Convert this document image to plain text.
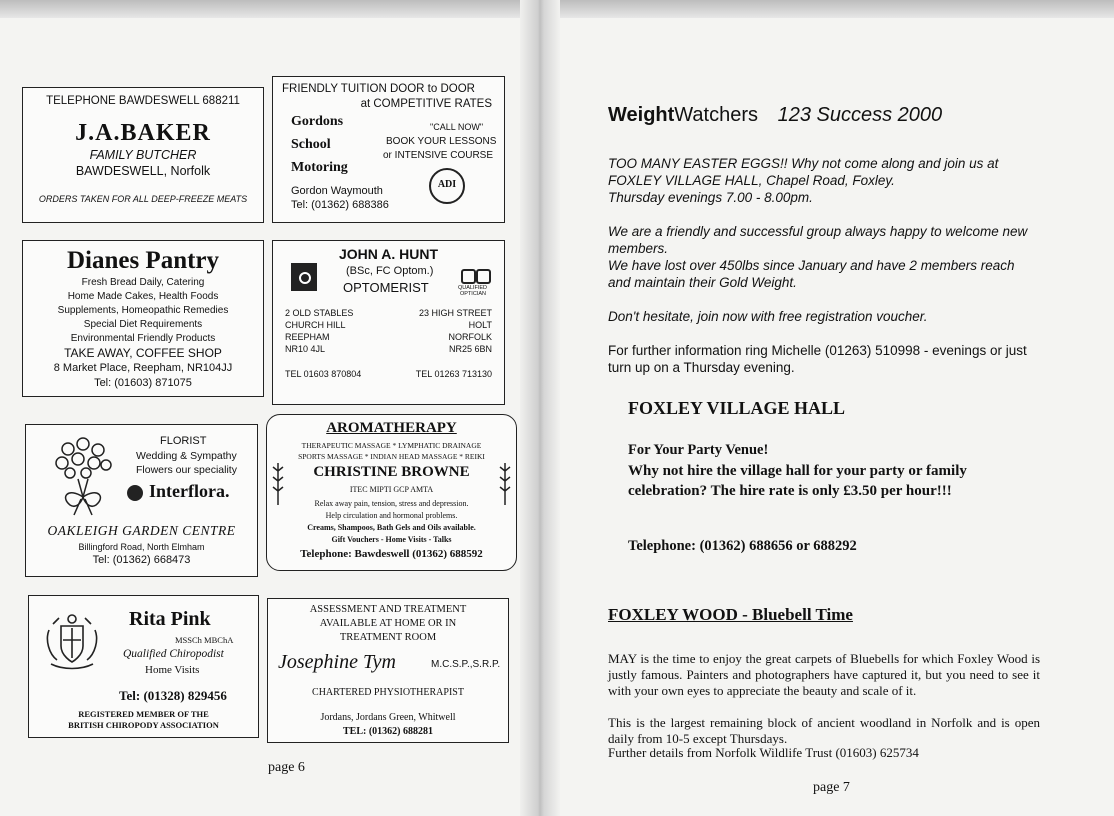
TELEPHONE BAWDESWELL 688211
J.A.BAKER
FAMILY BUTCHER
BAWDESWELL, Norfolk
ORDERS TAKEN FOR ALL DEEP-FREEZE MEATS
FRIENDLY TUITION DOOR to DOOR
at COMPETITIVE RATES
Gordons
School
Motoring
"CALL NOW"
BOOK YOUR LESSONS
or INTENSIVE COURSE
Gordon Waymouth
Tel: (01362) 688386
ADI
Dianes Pantry
Fresh Bread Daily, Catering
Home Made Cakes, Health Foods
Supplements, Homeopathic Remedies
Special Diet Requirements
Environmental Friendly Products
TAKE AWAY, COFFEE SHOP
8 Market Place, Reepham, NR104JJ
Tel: (01603) 871075
JOHN A. HUNT
(BSc, FC Optom.)
OPTOMERIST	QUALIFIED
OPTICIAN
2 OLD STABLES
CHURCH HILL
REEPHAM
NR10 4JL
23 HIGH STREET
HOLT
NORFOLK
NR25 6BN
TEL 01603 870804	TEL 01263 713130
FLORIST
Wedding & Sympathy
Flowers our speciality
Interflora.
OAKLEIGH GARDEN CENTRE
Billingford Road, North Elmham
Tel: (01362) 668473
AROMATHERAPY
THERAPEUTIC MASSAGE * LYMPHATIC DRAINAGE
SPORTS MASSAGE * INDIAN HEAD MASSAGE * REIKI
CHRISTINE BROWNE
ITEC MIPTI GCP AMTA
Relax away pain, tension, stress and depression.
Help circulation and hormonal problems.
Creams, Shampoos, Bath Gels and Oils available.
Gift Vouchers - Home Visits - Talks
Telephone: Bawdeswell (01362) 688592
Rita Pink
MSSCh MBChA
Qualified Chiropodist
Home Visits
Tel: (01328) 829456
REGISTERED MEMBER OF THE
BRITISH CHIROPODY ASSOCIATION
ASSESSMENT AND TREATMENT
AVAILABLE AT HOME OR IN
TREATMENT ROOM
Josephine Tym	M.C.S.P.,S.R.P.
CHARTERED PHYSIOTHERAPIST
Jordans, Jordans Green, Whitwell
TEL: (01362) 688281
page 6
WeightWatchers 123 Success 2000
TOO MANY EASTER EGGS!! Why not come along and join us at FOXLEY VILLAGE HALL, Chapel Road, Foxley.
Thursday evenings 7.00 - 8.00pm.
We are a friendly and successful group always happy to welcome new members.
We have lost over 450lbs since January and have 2 members reach and maintain their Gold Weight.
Don't hesitate, join now with free registration voucher.
For further information ring Michelle (01263) 510998 - evenings or just turn up on a Thursday evening.
FOXLEY VILLAGE HALL
For Your Party Venue!
Why not hire the village hall for your party or family celebration? The hire rate is only £3.50 per hour!!!
Telephone: (01362) 688656 or 688292
FOXLEY WOOD - Bluebell Time
MAY is the time to enjoy the great carpets of Bluebells for which Foxley Wood is justly famous. Painters and photographers have captured it, but you need to see it with your own eyes to appreciate the beauty and scale of it.
This is the largest remaining block of ancient woodland in Norfolk and is open daily from 10-5 except Thursdays.
Further details from Norfolk Wildlife Trust (01603) 625734
page 7
